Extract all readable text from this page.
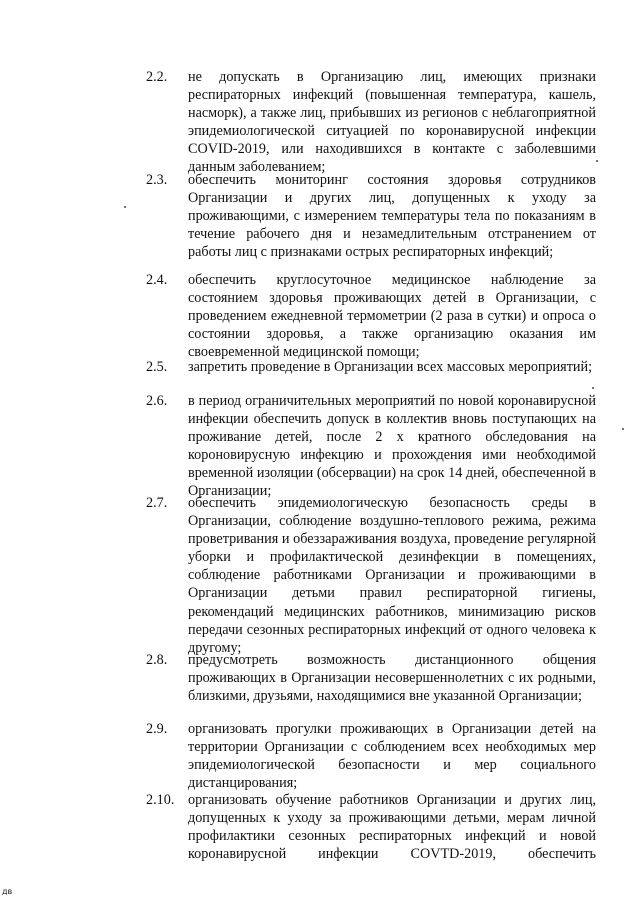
2.2.	не допускать в Организацию лиц, имеющих признаки респираторных инфекций (повышенная температура, кашель, насморк), а также лиц, прибывших из регионов с неблагоприятной эпидемиологической ситуацией по коронавирусной инфекции COVID-2019, или находившихся в контакте с заболевшими данным заболеванием;
2.3.	обеспечить мониторинг состояния здоровья сотрудников Организации и других лиц, допущенных к уходу за проживающими, с измерением температуры тела по показаниям в течение рабочего дня и незамедлительным отстранением от работы лиц с признаками острых респираторных инфекций;
2.4.	обеспечить круглосуточное медицинское наблюдение за состоянием здоровья проживающих детей в Организации, с проведением ежедневной термометрии (2 раза в сутки) и опроса о состоянии здоровья, а также организацию оказания им своевременной медицинской помощи;
2.5.	запретить проведение в Организации всех массовых мероприятий;
2.6.	в период ограничительных мероприятий по новой коронавирусной инфекции обеспечить допуск в коллектив вновь поступающих на проживание детей, после 2 х кратного обследования на короновирусную инфекцию и прохождения ими необходимой временной изоляции (обсервации) на срок 14 дней, обеспеченной в Организации;
2.7.	обеспечить эпидемиологическую безопасность среды в Организации, соблюдение воздушно-теплового режима, режима проветривания и обеззараживания воздуха, проведение регулярной уборки и профилактической дезинфекции в помещениях, соблюдение работниками Организации и проживающими в Организации детьми правил респираторной гигиены, рекомендаций медицинских работников, минимизацию рисков передачи сезонных респираторных инфекций от одного человека к другому;
2.8.	предусмотреть возможность дистанционного общения проживающих в Организации несовершеннолетних с их родными, близкими, друзьями, находящимися вне указанной Организации;
2.9.	организовать прогулки проживающих в Организации детей на территории Организации с соблюдением всех необходимых мер эпидемиологической безопасности и мер социального дистанцирования;
2.10. организовать обучение работников Организации и других лиц, допущенных к уходу за проживающими детьми, мерам личной профилактики сезонных респираторных инфекций и новой коронавирусной инфекции COVTD-2019, обеспечить
дв
